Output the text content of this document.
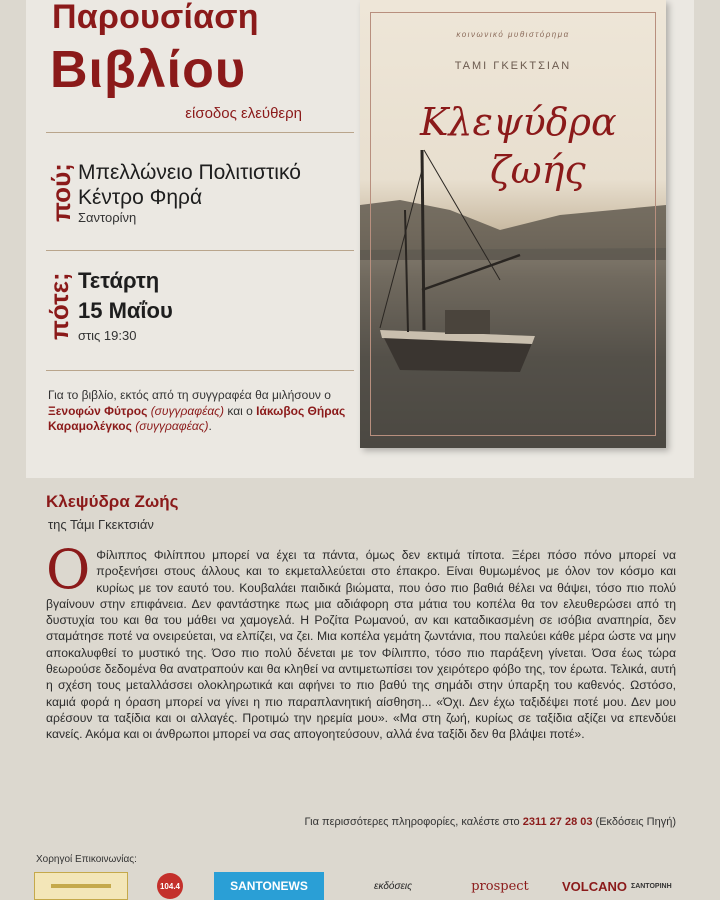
Παρουσίαση
Βιβλίου
είσοδος ελεύθερη
πού; Μπελλώνειο Πολιτιστικό Κέντρο Φηρά
Σαντορίνη
πότε; Τετάρτη
15 Μαΐου
στις 19:30
Για το βιβλίο, εκτός από τη συγγραφέα θα μιλήσουν ο Ξενοφών Φύτρος (συγγραφέας) και ο Ιάκωβος Θήρας Καραμολέγκος (συγγραφέας).
κοινωνικό μυθιστόρημα
ΤΑΜΙ ΓΚΕΚΤΣΙΑΝ
Κλεψύδρα
ζωής
Κλεψύδρα Ζωής
της Τάμι Γκεκτσιάν
Ο Φίλιππος Φιλίππου μπορεί να έχει τα πάντα, όμως δεν εκτιμά τίποτα. Ξέρει πόσο πόνο μπορεί να προξενήσει στους άλλους και το εκμεταλλεύεται στο έπακρο. Είναι θυμωμένος με όλον τον κόσμο και κυρίως με τον εαυτό του. Κουβαλάει παιδικά βιώματα, που όσο πιο βαθιά θέλει να θάψει, τόσο πιο πολύ βγαίνουν στην επιφάνεια. Δεν φαντάστηκε πως μια αδιάφορη στα μάτια του κοπέλα θα τον ελευθερώσει από τη δυστυχία του και θα του μάθει να χαμογελά. Η Ροζίτα Ρωμανού, αν και καταδικασμένη σε ισόβια αναπηρία, δεν σταμάτησε ποτέ να ονειρεύεται, να ελπίζει, να ζει. Μια κοπέλα γεμάτη ζωντάνια, που παλεύει κάθε μέρα ώστε να μην αποκαλυφθεί το μυστικό της. Όσο πιο πολύ δένεται με τον Φίλιππο, τόσο πιο παράξενη γίνεται. Όσα έως τώρα θεωρούσε δεδομένα θα ανατραπούν και θα κληθεί να αντιμετωπίσει τον χειρότερο φόβο της, τον έρωτα. Τελικά, αυτή η σχέση τους μεταλλάσσει ολοκληρωτικά και αφήνει το πιο βαθύ της σημάδι στην ύπαρξη του καθενός. Ωστόσο, καμιά φορά η όραση μπορεί να γίνει η πιο παραπλανητική αίσθηση... «Όχι. Δεν έχω ταξιδέψει ποτέ μου. Δεν μου αρέσουν τα ταξίδια και οι αλλαγές. Προτιμώ την ηρεμία μου». «Μα στη ζωή, κυρίως σε ταξίδια αξίζει να επενδύει κανείς. Ακόμα και οι άνθρωποι μπορεί να σας απογοητεύσουν, αλλά ένα ταξίδι δεν θα βλάψει ποτέ».
Για περισσότερες πληροφορίες, καλέστε στο 2311 27 28 03 (Εκδόσεις Πηγή)
Χορηγοί Επικοινωνίας:
104.4	SANTONEWS	εκδόσεις	prospect	VOLCANO ΣΑΝΤΟΡΙΝΗ
